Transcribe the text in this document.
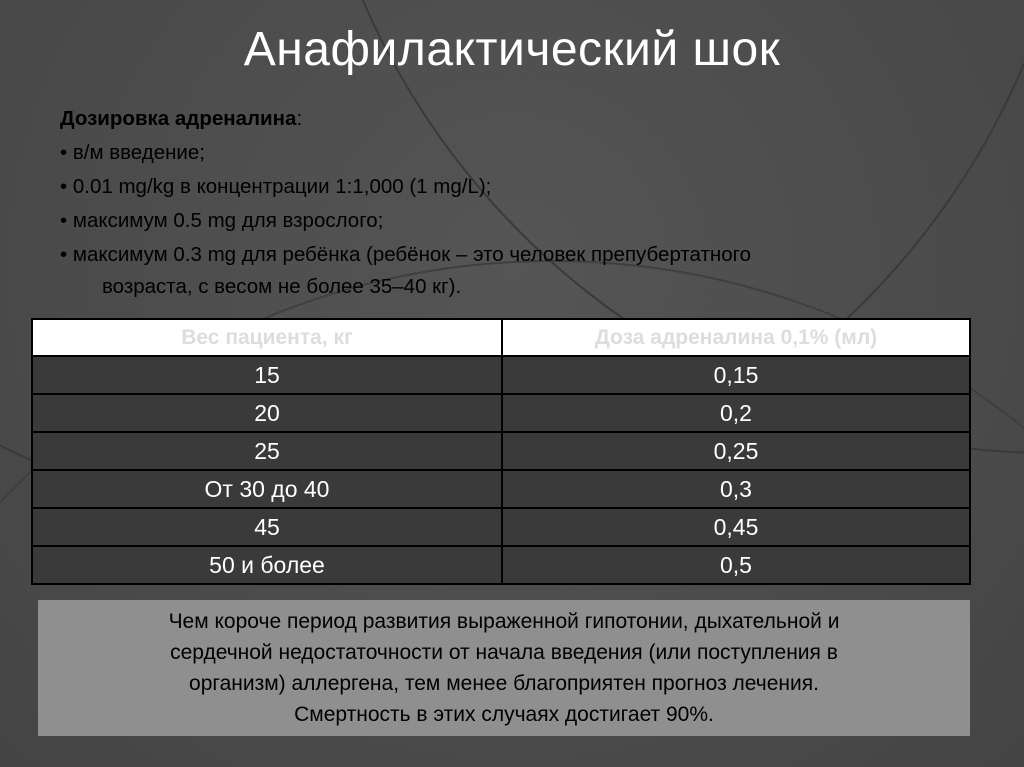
Анафилактический шок
Дозировка адреналина:
• в/м введение;
• 0.01 mg/kg в концентрации 1:1,000 (1 mg/L);
• максимум 0.5 mg для взрослого;
• максимум 0.3 mg для ребёнка (ребёнок – это человек препубертатного
возраста, с весом не более 35–40 кг).
Вес пациента, кг	Доза адреналина 0,1% (мл)
15	0,15
20	0,2
25	0,25
От 30 до 40	0,3
45	0,45
50 и более	0,5
Чем короче период развития выраженной гипотонии, дыхательной и
сердечной недостаточности от начала введения (или поступления в
организм) аллергена, тем менее благоприятен прогноз лечения.
Смертность в этих случаях достигает 90%.
